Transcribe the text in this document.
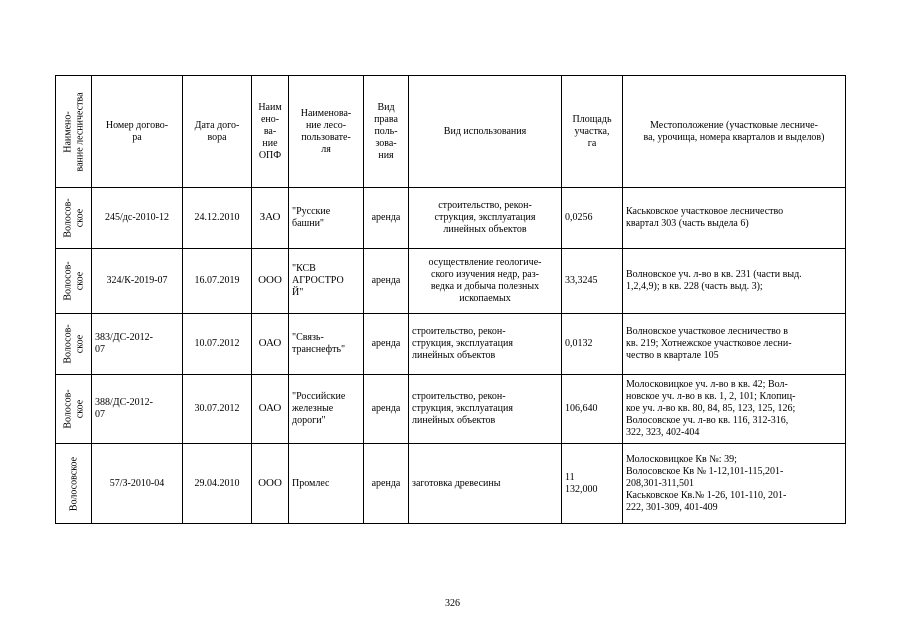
Наимено-
вание лесничества	Номер догово-
ра	Дата дого-
вора	Наим
ено-
ва-
ние
ОПФ	Наименова-
ние лесо-
пользовате-
ля	Вид
права
поль-
зова-
ния	Вид использования	Площадь
участка,
га	Местоположение (участковые лесниче-
ва, урочища, номера кварталов и выделов)

Волосов-
ское	245/дс-2010-12	24.12.2010	ЗАО	"Русские
башни"	аренда	строительство, рекон-
струкция, эксплуатация
линейных объектов	0,0256	Каськовское участковое лесничество
квартал 303 (часть выдела 6)

Волосов-
ское	324/К-2019-07	16.07.2019	ООО	"КСВ
АГРОСТРО
Й"	аренда	осуществление геологиче-
ского изучения недр, раз-
ведка и добыча полезных
ископаемых	33,3245	Волновское уч. л-во в кв. 231 (части выд.
1,2,4,9); в кв. 228 (часть выд. 3);

Волосов-
ское	383/ДС-2012-
07	10.07.2012	ОАО	"Связь-
транснефть"	аренда	строительство, рекон-
струкция, эксплуатация
линейных объектов	0,0132	Волновское участковое лесничество в
кв. 219; Хотнежское участковое лесни-
чество в квартале 105

Волосов-
ское	388/ДС-2012-
07	30.07.2012	ОАО	"Российские
железные
дороги"	аренда	строительство, рекон-
струкция, эксплуатация
линейных объектов	106,640	Молосковицкое уч. л-во в кв. 42; Вол-
новское уч. л-во в кв. 1, 2, 101; Клопиц-
кое уч. л-во кв. 80, 84, 85, 123, 125, 126;
Волосовское уч. л-во кв. 116, 312-316,
322, 323, 402-404

Волосовское	57/З-2010-04	29.04.2010	ООО	Промлес	аренда	заготовка древесины	11
132,000	Молосковицкое Кв №: 39;
Волосовское Кв № 1-12,101-115,201-
208,301-311,501
Каськовское Кв.№ 1-26, 101-110, 201-
222, 301-309, 401-409
326
